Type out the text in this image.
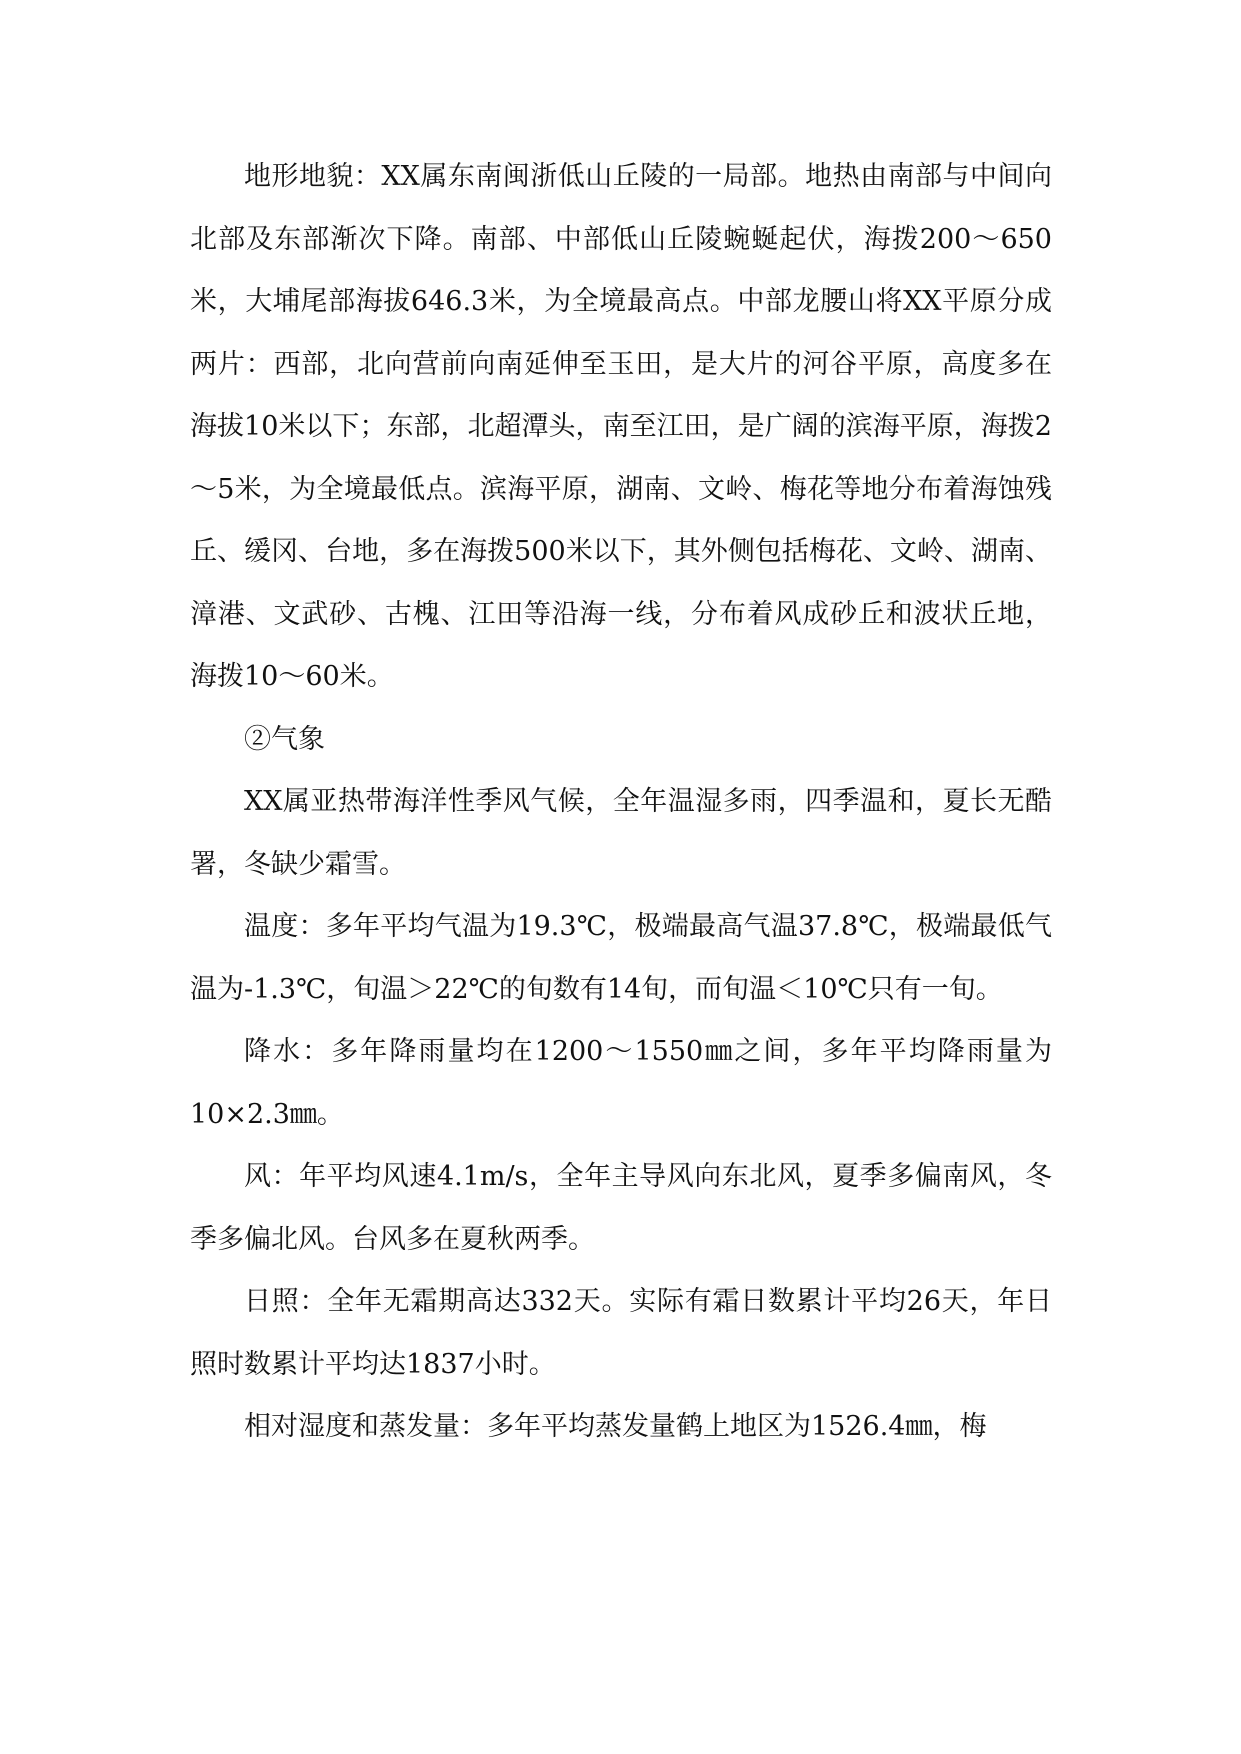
地形地貌：XX属东南闽浙低山丘陵的一局部。地热由南部与中间向北部及东部渐次下降。南部、中部低山丘陵蜿蜒起伏，海拨200～650米，大埔尾部海拔646.3米，为全境最高点。中部龙腰山将XX平原分成两片：西部，北向营前向南延伸至玉田，是大片的河谷平原，高度多在海拔10米以下；东部，北超潭头，南至江田，是广阔的滨海平原，海拨2～5米，为全境最低点。滨海平原，湖南、文岭、梅花等地分布着海蚀残丘、缓冈、台地，多在海拨500米以下，其外侧包括梅花、文岭、湖南、漳港、文武砂、古槐、江田等沿海一线，分布着风成砂丘和波状丘地，海拨10～60米。

②气象

XX属亚热带海洋性季风气候，全年温湿多雨，四季温和，夏长无酷署，冬缺少霜雪。

温度：多年平均气温为19.3℃，极端最高气温37.8℃，极端最低气温为-1.3℃，旬温＞22℃的旬数有14旬，而旬温＜10℃只有一旬。

降水：多年降雨量均在1200～1550㎜之间，多年平均降雨量为10×2.3㎜。

风：年平均风速4.1m/s，全年主导风向东北风，夏季多偏南风，冬季多偏北风。台风多在夏秋两季。

日照：全年无霜期高达332天。实际有霜日数累计平均26天，年日照时数累计平均达1837小时。

相对湿度和蒸发量：多年平均蒸发量鹤上地区为1526.4㎜，梅
